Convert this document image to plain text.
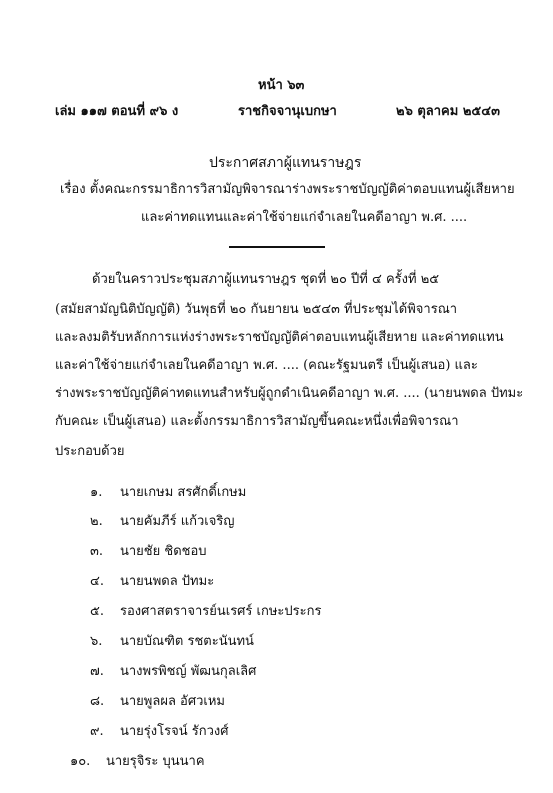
หน้า ๖๓
เล่ม ๑๑๗ ตอนที่ ๙๖ ง	ราชกิจจานุเบกษา	๒๖ ตุลาคม ๒๕๔๓
ประกาศสภาผู้แทนราษฎร
เรื่อง ตั้งคณะกรรมาธิการวิสามัญพิจารณาร่างพระราชบัญญัติค่าตอบแทนผู้เสียหาย
และค่าทดแทนและค่าใช้จ่ายแก่จำเลยในคดีอาญา พ.ศ. ....
ด้วยในคราวประชุมสภาผู้แทนราษฎร ชุดที่ ๒๐ ปีที่ ๔ ครั้งที่ ๒๕
(สมัยสามัญนิติบัญญัติ) วันพุธที่ ๒๐ กันยายน ๒๕๔๓ ที่ประชุมได้พิจารณา
และลงมติรับหลักการแห่งร่างพระราชบัญญัติค่าตอบแทนผู้เสียหาย และค่าทดแทน
และค่าใช้จ่ายแก่จำเลยในคดีอาญา พ.ศ. .... (คณะรัฐมนตรี เป็นผู้เสนอ) และ
ร่างพระราชบัญญัติค่าทดแทนสำหรับผู้ถูกดำเนินคดีอาญา พ.ศ. .... (นายนพดล ปัทมะ
กับคณะ เป็นผู้เสนอ) และตั้งกรรมาธิการวิสามัญขึ้นคณะหนึ่งเพื่อพิจารณา
ประกอบด้วย
๑. นายเกษม สรศักดิ์เกษม
๒. นายคัมภีร์ แก้วเจริญ
๓. นายชัย ชิดชอบ
๔. นายนพดล ปัทมะ
๕. รองศาสตราจารย์นเรศร์ เกษะประกร
๖. นายบัณฑิต รชตะนันทน์
๗. นางพรพิชญ์ พัฒนกุลเลิศ
๘. นายพูลผล อัศวเหม
๙. นายรุ่งโรจน์ รักวงศ์
๑๐. นายรุจิระ บุนนาค
